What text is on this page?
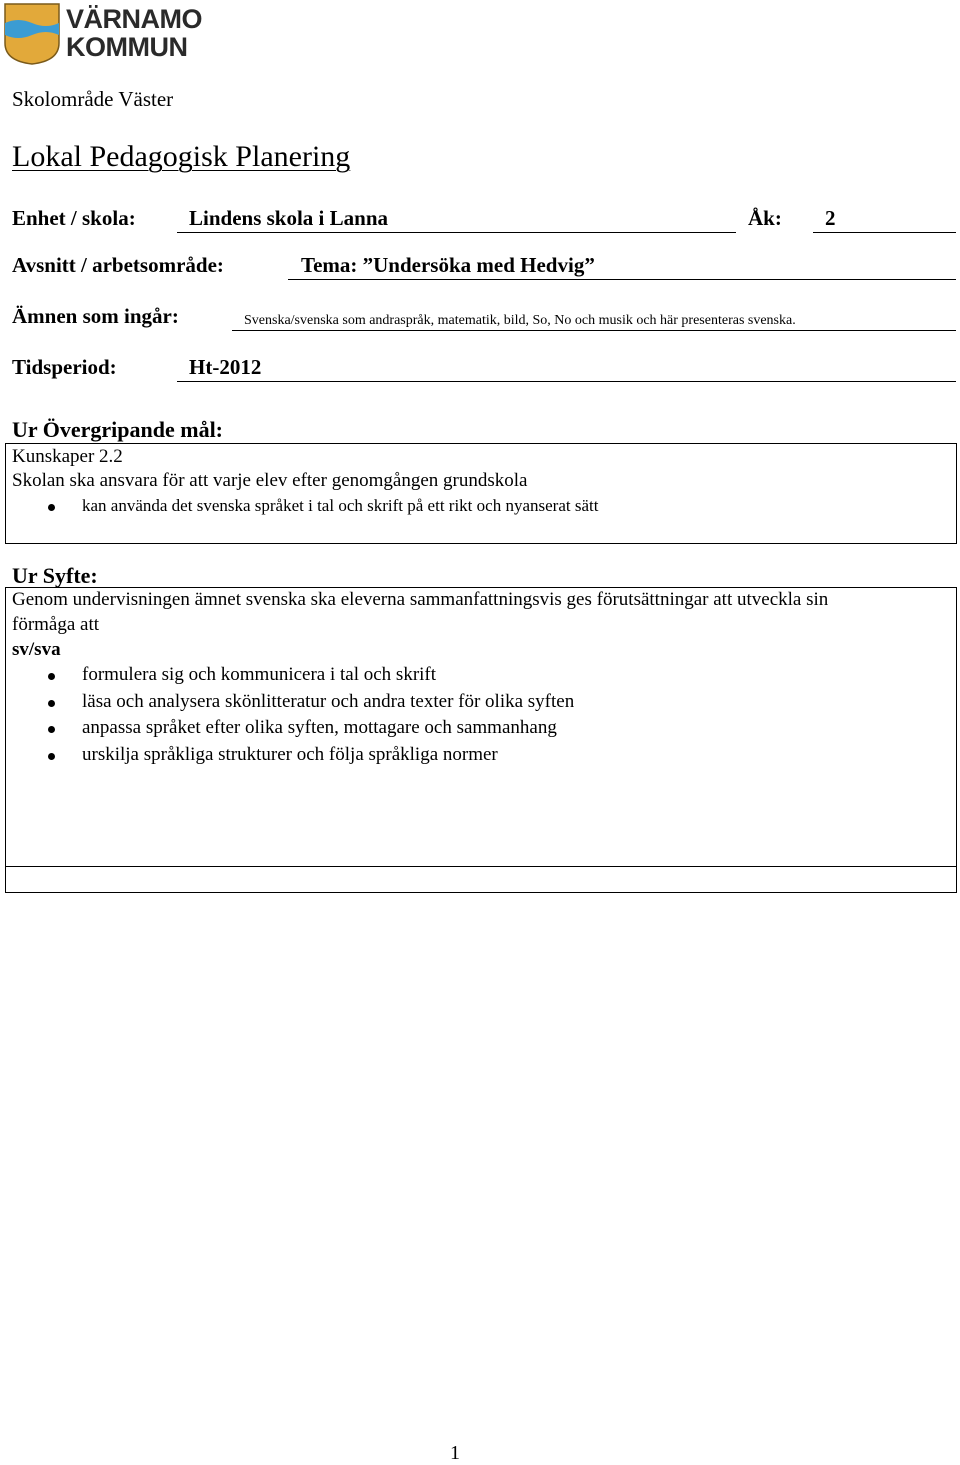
VÄRNAMO
KOMMUN
Skolområde Väster
Lokal Pedagogisk Planering
Enhet / skola:	Lindens skola i Lanna	Åk: 2
Avsnitt / arbetsområde:	Tema: ”Undersöka med Hedvig”
Ämnen som ingår:	Svenska/svenska som andraspråk, matematik, bild, So, No och musik och här presenteras svenska.
Tidsperiod:	Ht-2012
Ur Övergripande mål:
Kunskaper 2.2
Skolan ska ansvara för att varje elev efter genomgången grundskola
kan använda det svenska språket i tal och skrift på ett rikt och nyanserat sätt
Ur Syfte:
Genom undervisningen ämnet svenska ska eleverna sammanfattningsvis ges förutsättningar att utveckla sin
förmåga att
sv/sva
formulera sig och kommunicera i tal och skrift
läsa och analysera skönlitteratur och andra texter för olika syften
anpassa språket efter olika syften, mottagare och sammanhang
urskilja språkliga strukturer och följa språkliga normer
1
